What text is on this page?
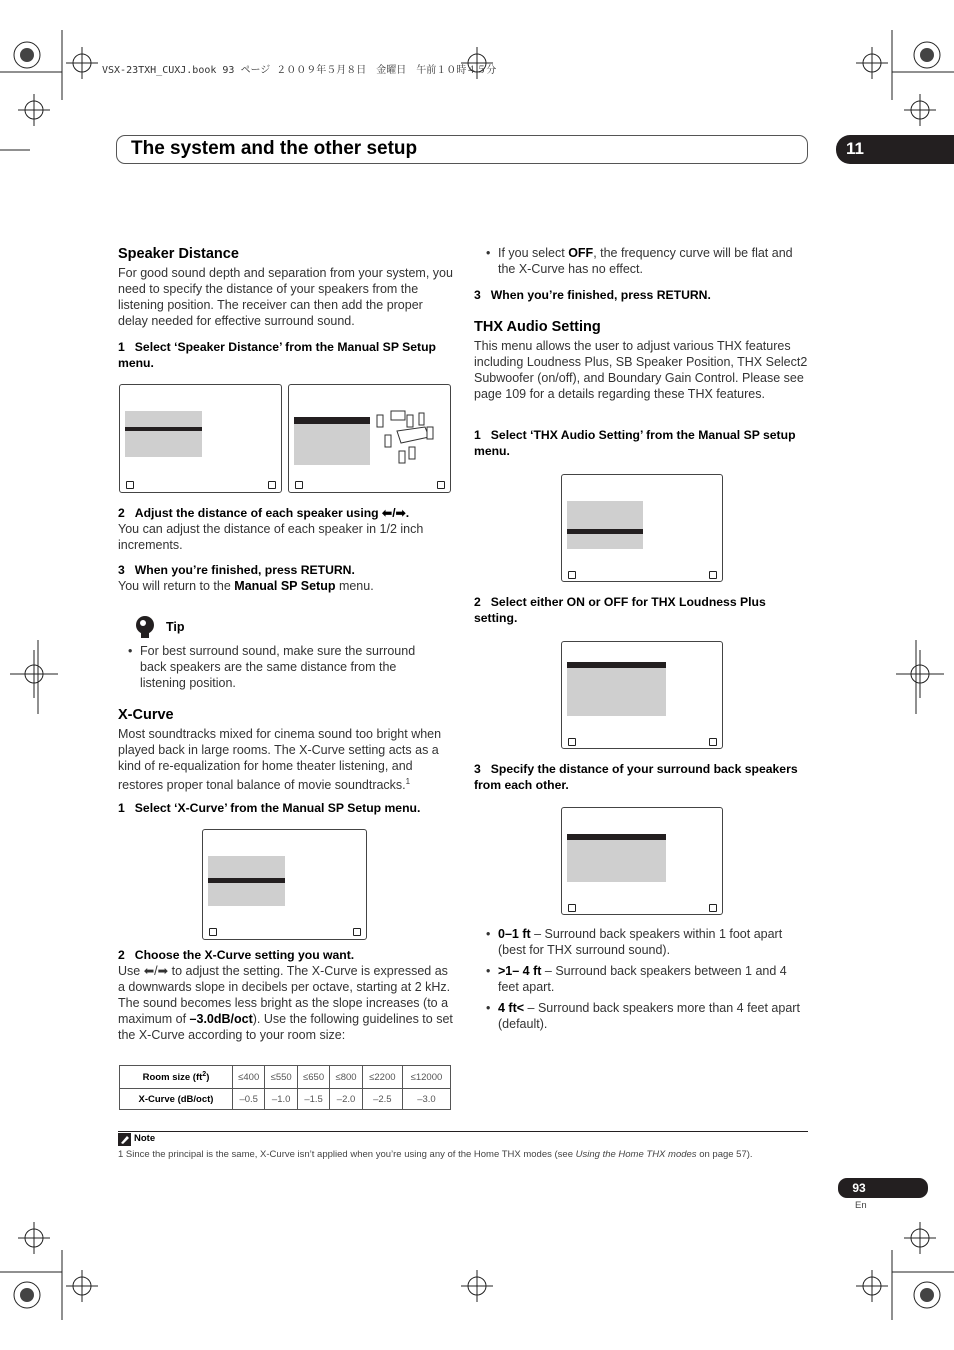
VSX-23TXH_CUXJ.book 93 ページ ２００９年５月８日　金曜日　午前１０時４５分
The system and the other setup	11
Speaker Distance
For good sound depth and separation from your system, you need to specify the distance of your speakers from the listening position. The receiver can then add the proper delay needed for effective surround sound.
1 Select ‘Speaker Distance’ from the Manual SP Setup menu.
2 Adjust the distance of each speaker using ⬅/➡.
You can adjust the distance of each speaker in 1/2 inch increments.
3 When you’re finished, press RETURN.
You will return to the Manual SP Setup menu.
Tip
• For best surround sound, make sure the surround back speakers are the same distance from the listening position.
X-Curve
Most soundtracks mixed for cinema sound too bright when played back in large rooms. The X-Curve setting acts as a kind of re-equalization for home theater listening, and restores proper tonal balance of movie soundtracks.$^1$
1 Select ‘X-Curve’ from the Manual SP Setup menu.
2 Choose the X-Curve setting you want.
Use ⬅/➡ to adjust the setting. The X-Curve is expressed as a downwards slope in decibels per octave, starting at 2 kHz. The sound becomes less bright as the slope increases (to a maximum of –3.0dB/oct). Use the following guidelines to set the X-Curve according to your room size:
Room size $(ft^2)$	≤400	≤550	≤650	≤800	≤2200	≤12000
X-Curve (dB/oct)	–0.5	–1.0	–1.5	–2.0	–2.5	–3.0
• If you select OFF, the frequency curve will be flat and the X-Curve has no effect.
3 When you’re finished, press RETURN.
THX Audio Setting
This menu allows the user to adjust various THX features including Loudness Plus, SB Speaker Position, THX Select2 Subwoofer (on/off), and Boundary Gain Control. Please see page 109 for a details regarding these THX features.
1 Select ‘THX Audio Setting’ from the Manual SP setup menu.
2 Select either ON or OFF for THX Loudness Plus setting.
3 Specify the distance of your surround back speakers from each other.
• 0–1 ft – Surround back speakers within 1 foot apart (best for THX surround sound).
• >1– 4 ft – Surround back speakers between 1 and 4 feet apart.
• 4 ft< – Surround back speakers more than 4 feet apart (default).
Note
1 Since the principal is the same, X-Curve isn’t applied when you’re using any of the Home THX modes (see Using the Home THX modes on page 57).
93
En
